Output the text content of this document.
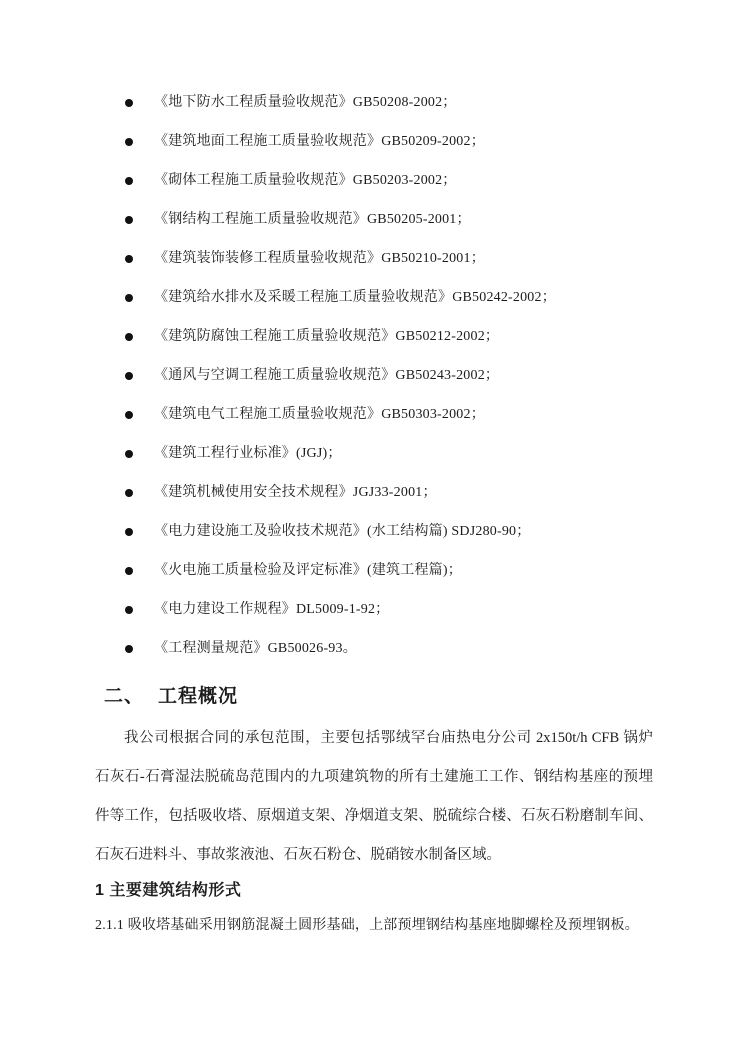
《地下防水工程质量验收规范》GB50208-2002；
《建筑地面工程施工质量验收规范》GB50209-2002；
《砌体工程施工质量验收规范》GB50203-2002；
《钢结构工程施工质量验收规范》GB50205-2001；
《建筑装饰装修工程质量验收规范》GB50210-2001；
《建筑给水排水及采暖工程施工质量验收规范》GB50242-2002；
《建筑防腐蚀工程施工质量验收规范》GB50212-2002；
《通风与空调工程施工质量验收规范》GB50243-2002；
《建筑电气工程施工质量验收规范》GB50303-2002；
《建筑工程行业标准》(JGJ)；
《建筑机械使用安全技术规程》JGJ33-2001；
《电力建设施工及验收技术规范》(水工结构篇) SDJ280-90；
《火电施工质量检验及评定标准》(建筑工程篇)；
《电力建设工作规程》DL5009-1-92；
《工程测量规范》GB50026-93。
二、 工程概况
我公司根据合同的承包范围，主要包括鄂绒罕台庙热电分公司 2x150t/h CFB 锅炉
石灰石-石膏湿法脱硫岛范围内的九项建筑物的所有土建施工工作、钢结构基座的预埋
件等工作，包括吸收塔、原烟道支架、净烟道支架、脱硫综合楼、石灰石粉磨制车间、
石灰石进料斗、事故浆液池、石灰石粉仓、脱硝铵水制备区域。
1 主要建筑结构形式
2.1.1 吸收塔基础采用钢筋混凝土圆形基础，上部预埋钢结构基座地脚螺栓及预埋钢板。
